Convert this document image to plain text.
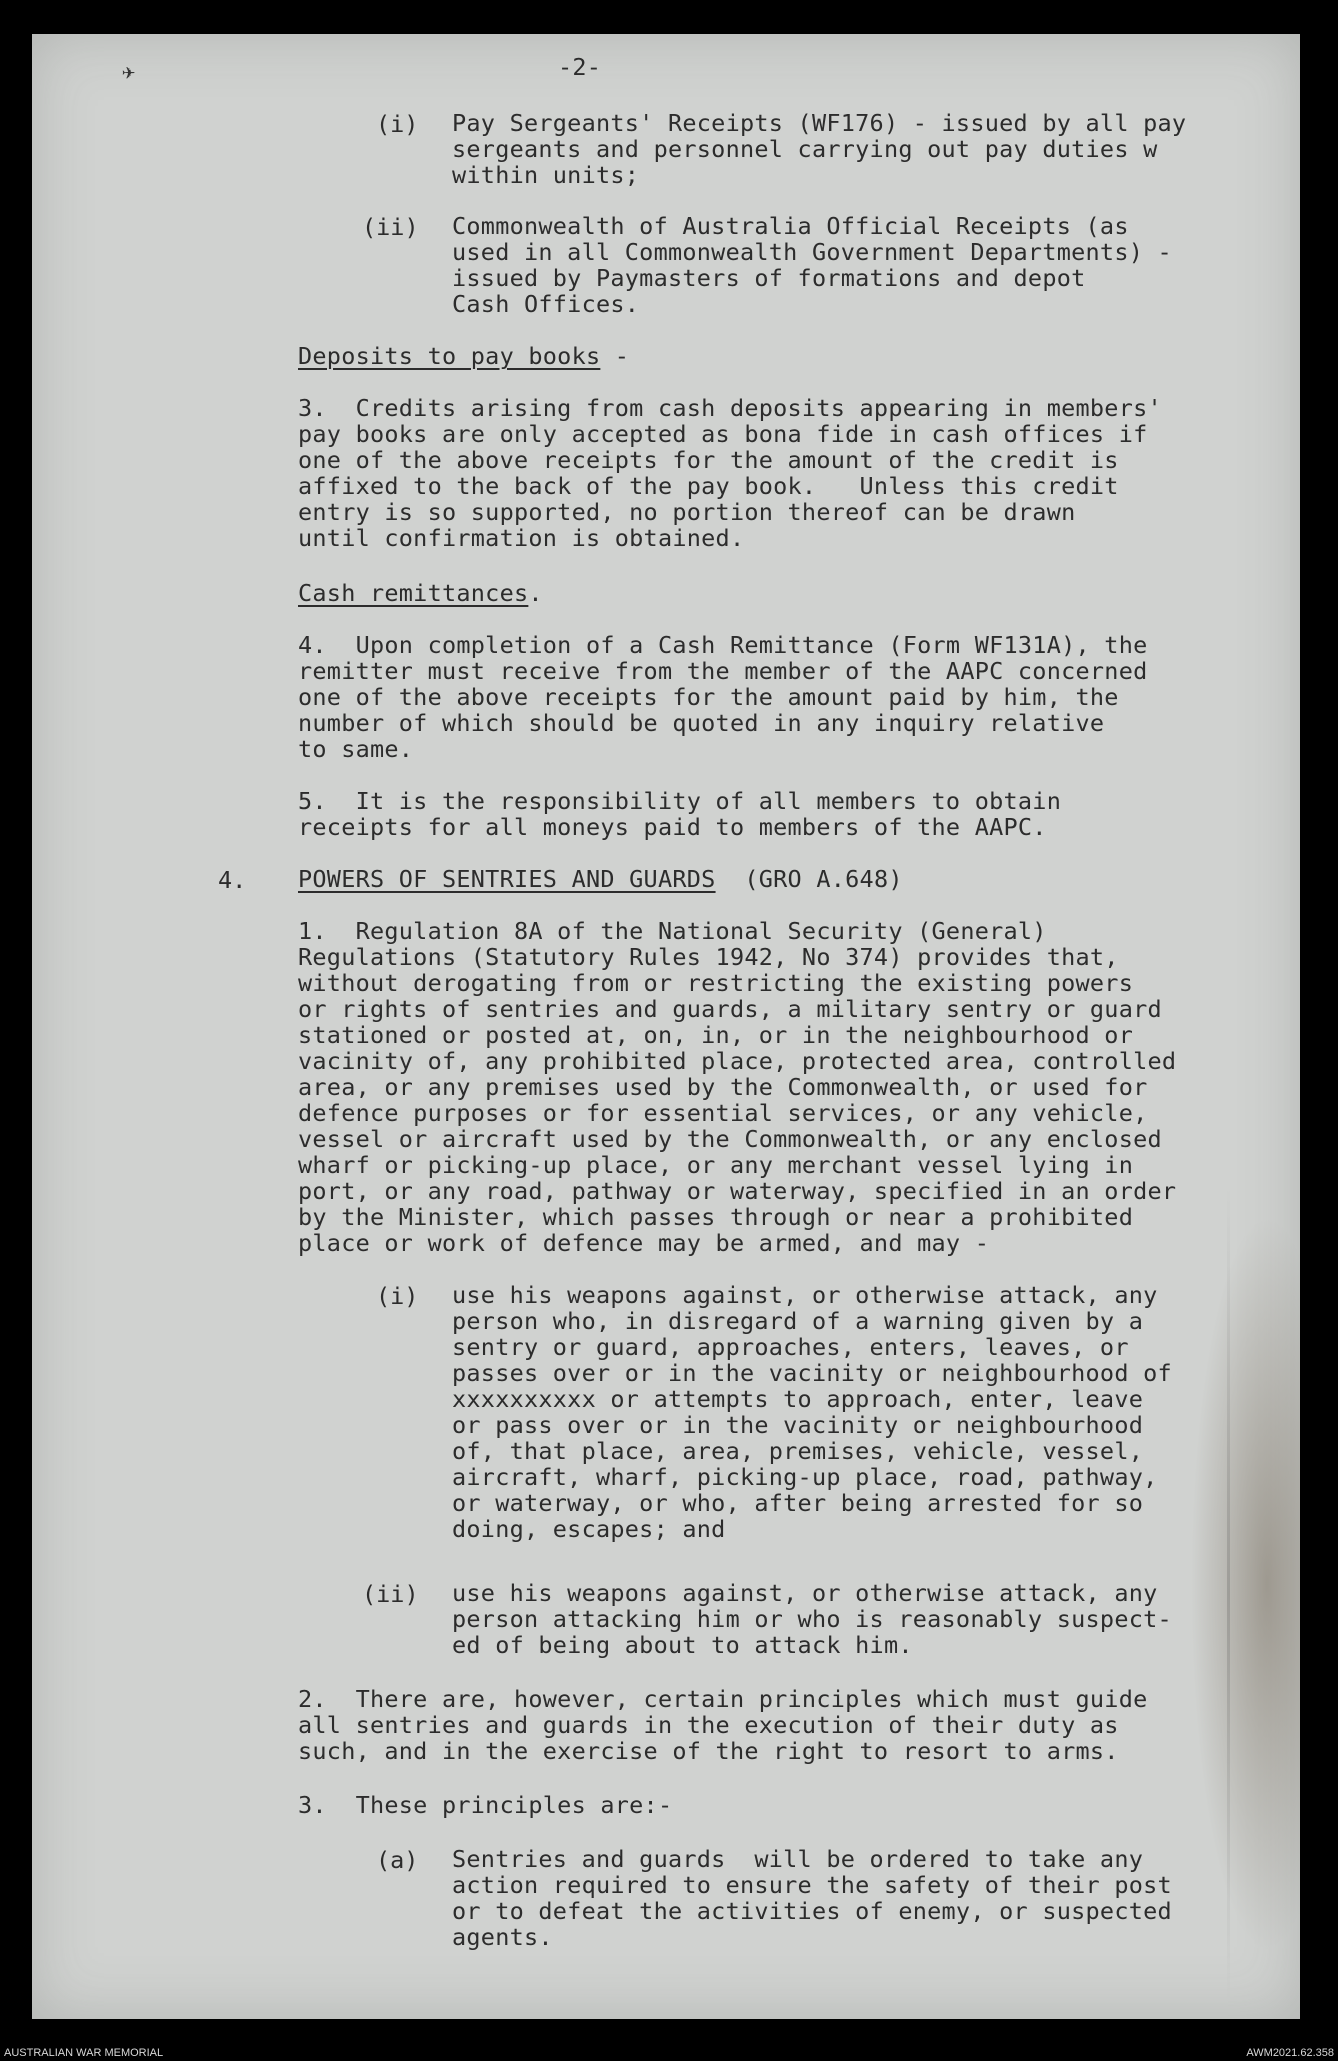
✈	-2-
(i) Pay Sergeants' Receipts (WF176) - issued by all pay
sergeants and personnel carrying out pay duties w
within units;
(ii) Commonwealth of Australia Official Receipts (as
used in all Commonwealth Government Departments) -
issued by Paymasters of formations and depot
Cash Offices.
Deposits to pay books -
3.  Credits arising from cash deposits appearing in members'
pay books are only accepted as bona fide in cash offices if
one of the above receipts for the amount of the credit is
affixed to the back of the pay book.   Unless this credit
entry is so supported, no portion thereof can be drawn
until confirmation is obtained.
Cash remittances.
4.  Upon completion of a Cash Remittance (Form WF131A), the
remitter must receive from the member of the AAPC concerned
one of the above receipts for the amount paid by him, the
number of which should be quoted in any inquiry relative
to same.
5.  It is the responsibility of all members to obtain
receipts for all moneys paid to members of the AAPC.
4. POWERS OF SENTRIES AND GUARDS  (GRO A.648)
1.  Regulation 8A of the National Security (General)
Regulations (Statutory Rules 1942, No 374) provides that,
without derogating from or restricting the existing powers
or rights of sentries and guards, a military sentry or guard
stationed or posted at, on, in, or in the neighbourhood or
vacinity of, any prohibited place, protected area, controlled
area, or any premises used by the Commonwealth, or used for
defence purposes or for essential services, or any vehicle,
vessel or aircraft used by the Commonwealth, or any enclosed
wharf or picking-up place, or any merchant vessel lying in
port, or any road, pathway or waterway, specified in an order
by the Minister, which passes through or near a prohibited
place or work of defence may be armed, and may -
(i) use his weapons against, or otherwise attack, any
person who, in disregard of a warning given by a
sentry or guard, approaches, enters, leaves, or
passes over or in the vacinity or neighbourhood of
xxxxxxxxxx or attempts to approach, enter, leave
or pass over or in the vacinity or neighbourhood
of, that place, area, premises, vehicle, vessel,
aircraft, wharf, picking-up place, road, pathway,
or waterway, or who, after being arrested for so
doing, escapes; and
(ii) use his weapons against, or otherwise attack, any
person attacking him or who is reasonably suspect-
ed of being about to attack him.
2.  There are, however, certain principles which must guide
all sentries and guards in the execution of their duty as
such, and in the exercise of the right to resort to arms.
3.  These principles are:-
(a) Sentries and guards  will be ordered to take any
action required to ensure the safety of their post
or to defeat the activities of enemy, or suspected
agents.
AUSTRALIAN WAR MEMORIAL	AWM2021.62.358
